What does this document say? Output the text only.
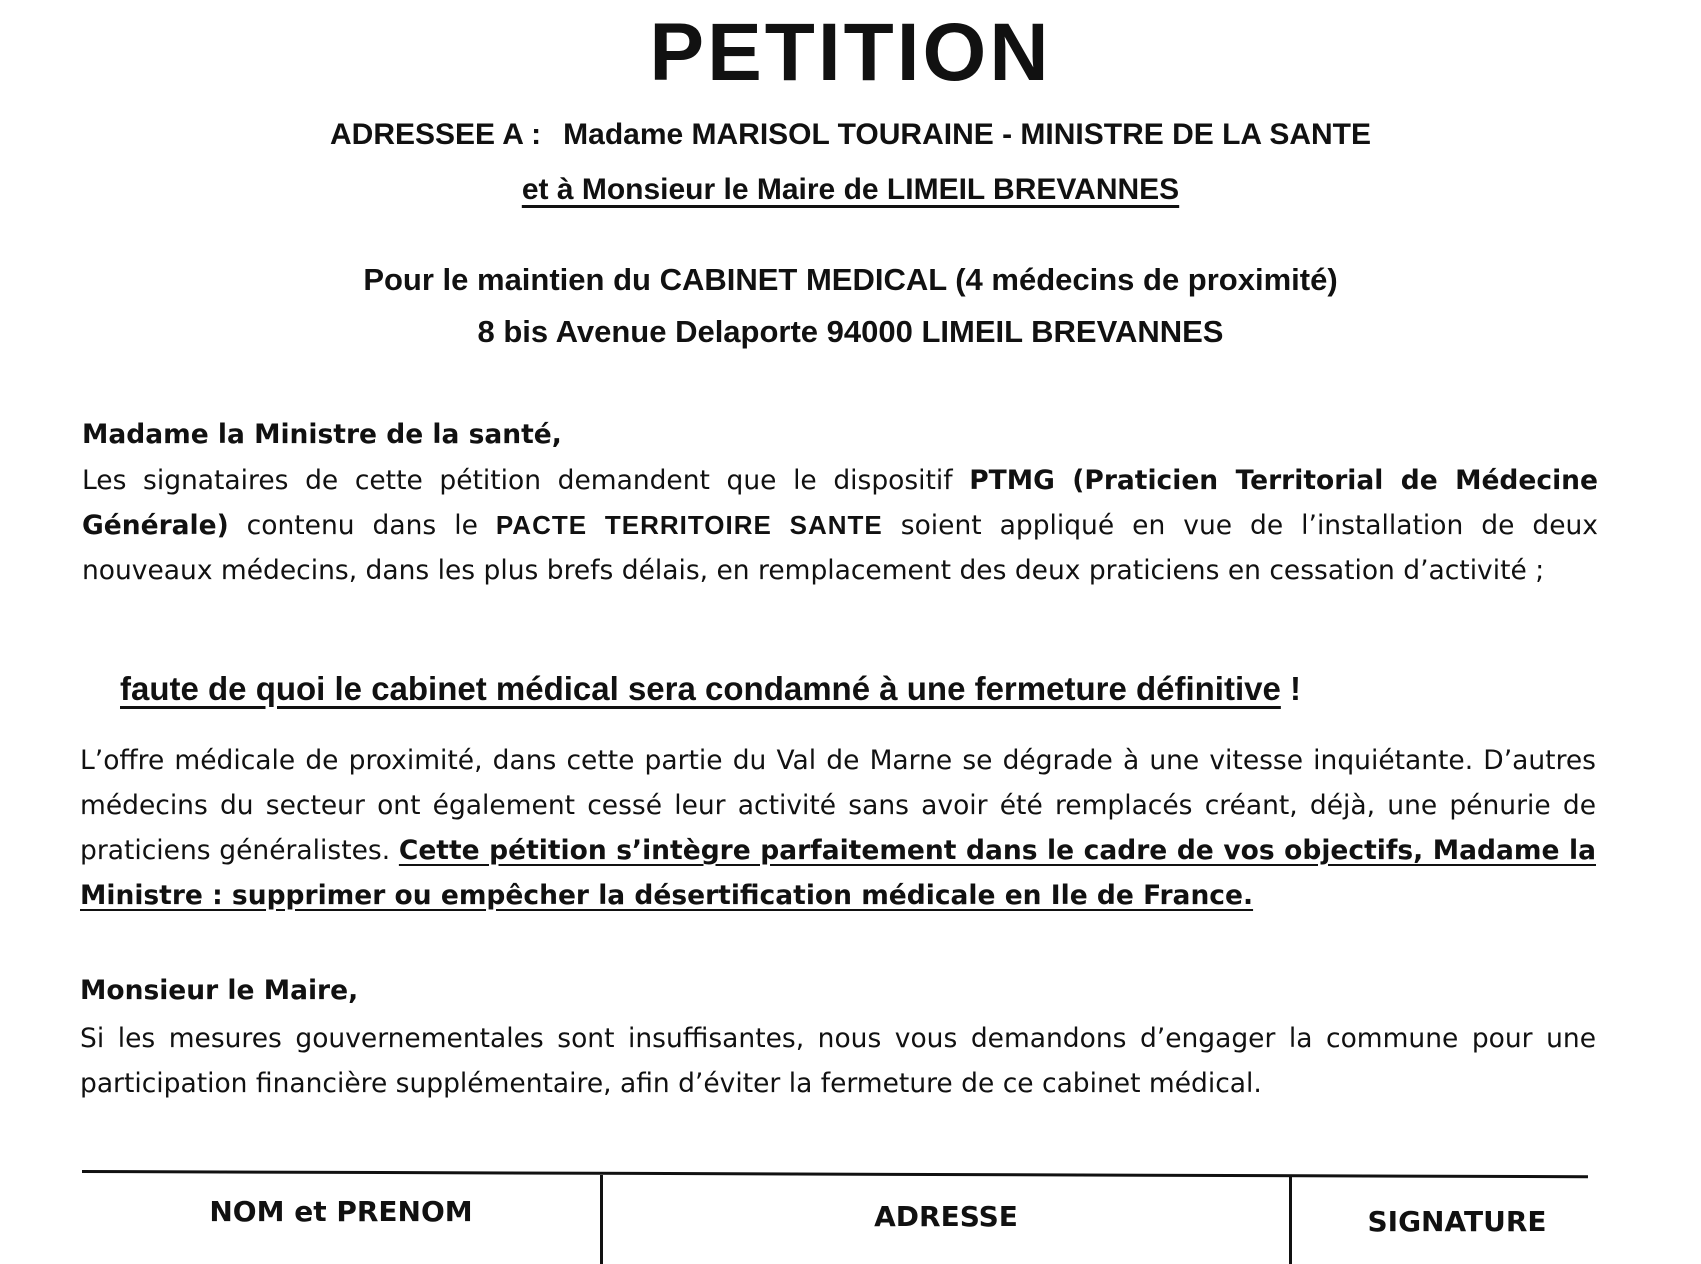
PETITION

ADRESSEE A : Madame MARISOL TOURAINE - MINISTRE DE LA SANTE

et à Monsieur le Maire de LIMEIL BREVANNES

Pour le maintien du CABINET MEDICAL (4 médecins de proximité)

8 bis Avenue Delaporte 94000 LIMEIL BREVANNES

Madame la Ministre de la santé,

Les signataires de cette pétition demandent que le dispositif PTMG (Praticien Territorial de Médecine Générale) contenu dans le PACTE TERRITOIRE SANTE soient appliqué en vue de l’installation de deux nouveaux médecins, dans les plus brefs délais, en remplacement des deux praticiens en cessation d’activité ;

faute de quoi le cabinet médical sera condamné à une fermeture définitive !

L’offre médicale de proximité, dans cette partie du Val de Marne se dégrade à une vitesse inquiétante. D’autres médecins du secteur ont également cessé leur activité sans avoir été remplacés créant, déjà, une pénurie de praticiens généralistes. Cette pétition s’intègre parfaitement dans le cadre de vos objectifs, Madame la Ministre : supprimer ou empêcher la désertification médicale en Ile de France.

Monsieur le Maire,

Si les mesures gouvernementales sont insuffisantes, nous vous demandons d’engager la commune pour une participation financière supplémentaire, afin d’éviter la fermeture de ce cabinet médical.

NOM et PRENOM	ADRESSE	SIGNATURE
